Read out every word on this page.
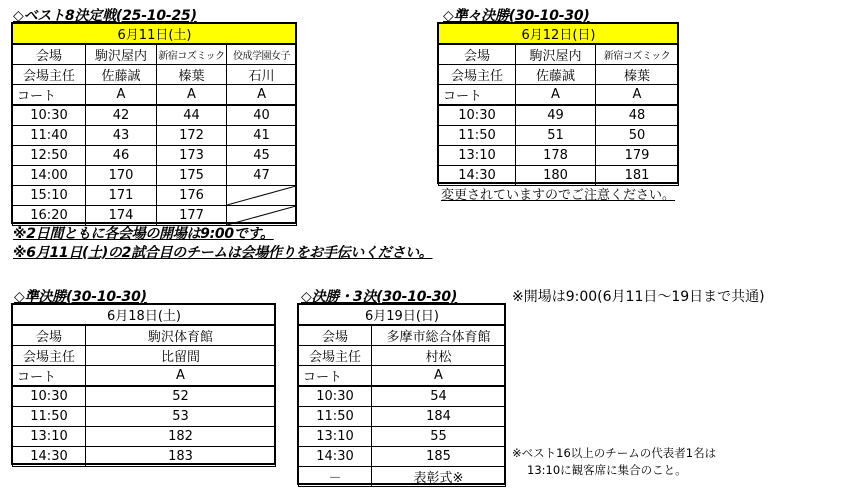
◇ベスト8決定戦(25-10-25)
6月11日(土)			
会場	駒沢屋内	新宿コズミック	佼成学園女子
会場主任	佐藤誠	榛葉	石川
コート	A	A	A
10:30	42	44	40
11:40	43	172	41
12:50	46	173	45
14:00	170	175	47
15:10	171	176	

16:20	174	177	
※2日間ともに各会場の開場は9:00です。
※6月11日(土)の2試合目のチームは会場作りをお手伝いください。
◇準々決勝(30-10-30)
6月12日(日)		
会場	駒沢屋内	新宿コズミック
会場主任	佐藤誠	榛葉
コート	A	A
10:30	49	48
11:50	51	50
13:10	178	179
14:30	180	181
変更されていますのでご注意ください。
◇準決勝(30-10-30)
6月18日(土)	
会場	駒沢体育館
会場主任	比留間
コート	A
10:30	52
11:50	53
13:10	182
14:30	183
◇決勝・3決(30-10-30)	※開場は9:00(6月11日～19日まで共通)
6月19日(日)	
会場	多摩市総合体育館
会場主任	村松
コート	A
10:30	54
11:50	184
13:10	55
14:30	185
－	表彰式※
※ベスト16以上のチームの代表者1名は
13:10に観客席に集合のこと。
